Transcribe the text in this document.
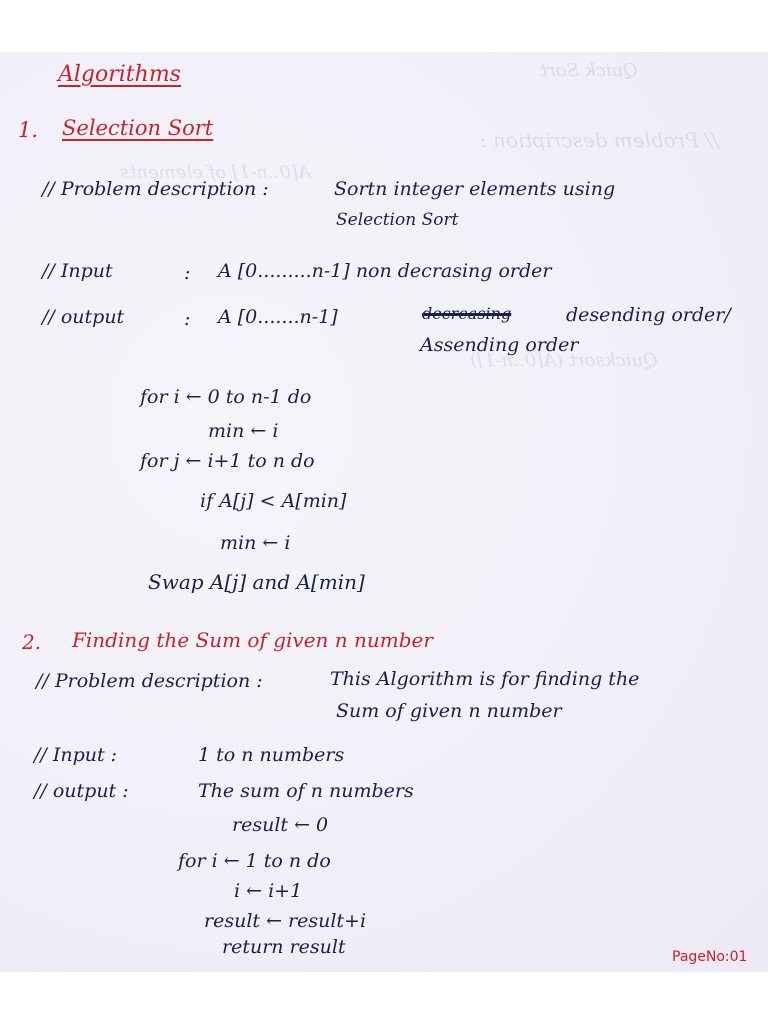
Quick Sort
// Problem description :
A[0..n-1] of elements
Quicksort (A[0..n-1])
Algorithms
1. Selection Sort
// Problem description :	Sortn integer elements using
Selection Sort
// Input	: A [0.........n-1] non decrasing order
// output	: A [0.......n-1]	decreasing	desending order/
Assending order
for i ← 0 to n-1 do
min ← i
for j ← i+1 to n do
if A[j] < A[min]
min ← i
Swap A[j] and A[min]
2. Finding the Sum of given n number
// Problem description :	This Algorithm is for finding the
Sum of given n number
// Input :	1 to n numbers
// output :	The sum of n numbers
result ← 0
for i ← 1 to n do
i ← i+1
result ← result+i
return result	PageNo:01
